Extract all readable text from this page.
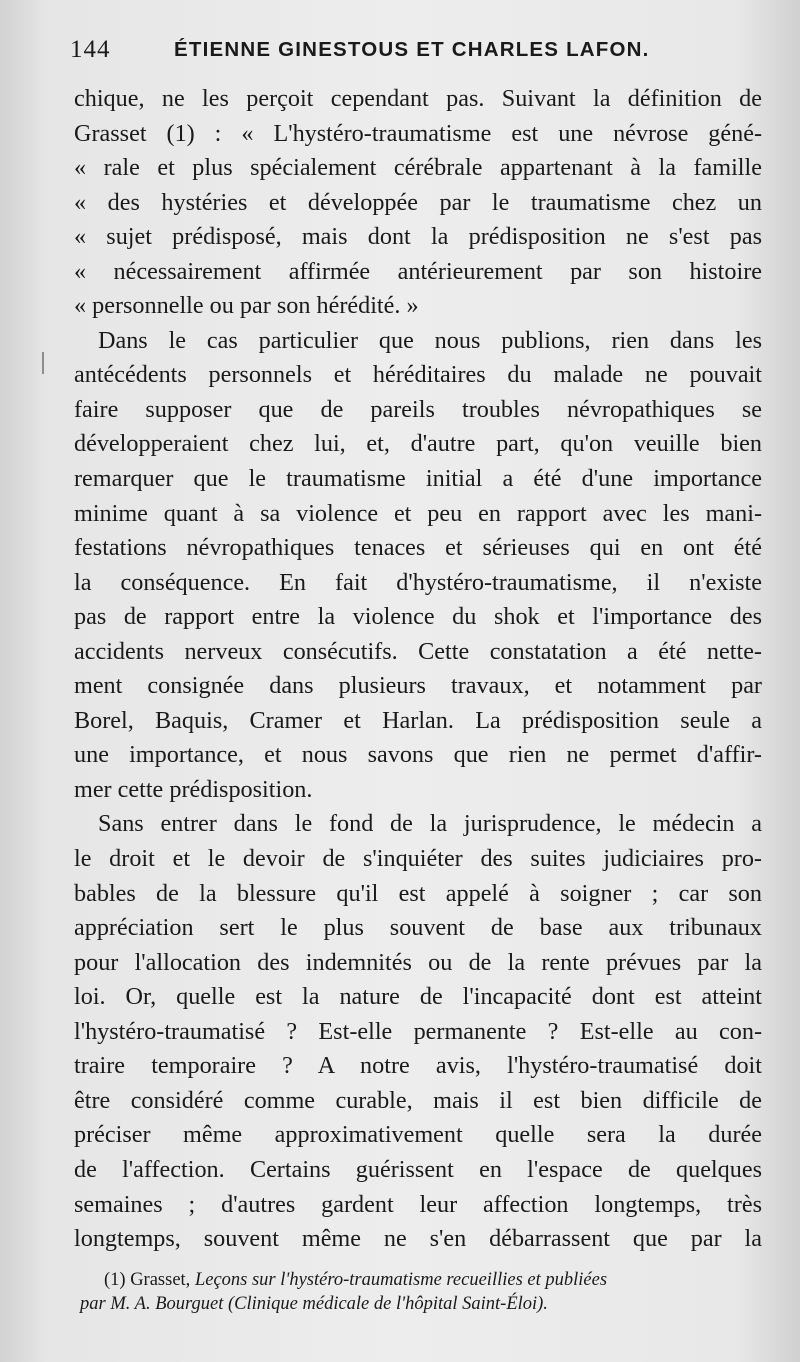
144	ÉTIENNE GINESTOUS ET CHARLES LAFON.
chique, ne les perçoit cependant pas. Suivant la définition de
Grasset (1) : « L'hystéro-traumatisme est une névrose géné-
« rale et plus spécialement cérébrale appartenant à la famille
« des hystéries et développée par le traumatisme chez un
« sujet prédisposé, mais dont la prédisposition ne s'est pas
« nécessairement affirmée antérieurement par son histoire
« personnelle ou par son hérédité. »
Dans le cas particulier que nous publions, rien dans les
antécédents personnels et héréditaires du malade ne pouvait
faire supposer que de pareils troubles névropathiques se
développeraient chez lui, et, d'autre part, qu'on veuille bien
remarquer que le traumatisme initial a été d'une importance
minime quant à sa violence et peu en rapport avec les mani-
festations névropathiques tenaces et sérieuses qui en ont été
la conséquence. En fait d'hystéro-traumatisme, il n'existe
pas de rapport entre la violence du shok et l'importance des
accidents nerveux consécutifs. Cette constatation a été nette-
ment consignée dans plusieurs travaux, et notamment par
Borel, Baquis, Cramer et Harlan. La prédisposition seule a
une importance, et nous savons que rien ne permet d'affir-
mer cette prédisposition.
Sans entrer dans le fond de la jurisprudence, le médecin a
le droit et le devoir de s'inquiéter des suites judiciaires pro-
bables de la blessure qu'il est appelé à soigner ; car son
appréciation sert le plus souvent de base aux tribunaux
pour l'allocation des indemnités ou de la rente prévues par la
loi. Or, quelle est la nature de l'incapacité dont est atteint
l'hystéro-traumatisé ? Est-elle permanente ? Est-elle au con-
traire temporaire ? A notre avis, l'hystéro-traumatisé doit
être considéré comme curable, mais il est bien difficile de
préciser même approximativement quelle sera la durée
de l'affection. Certains guérissent en l'espace de quelques
semaines ; d'autres gardent leur affection longtemps, très
longtemps, souvent même ne s'en débarrassent que par la
(1) Grasset, Leçons sur l'hystéro-traumatisme recueillies et publiées
par M. A. Bourguet (Clinique médicale de l'hôpital Saint-Éloi).
